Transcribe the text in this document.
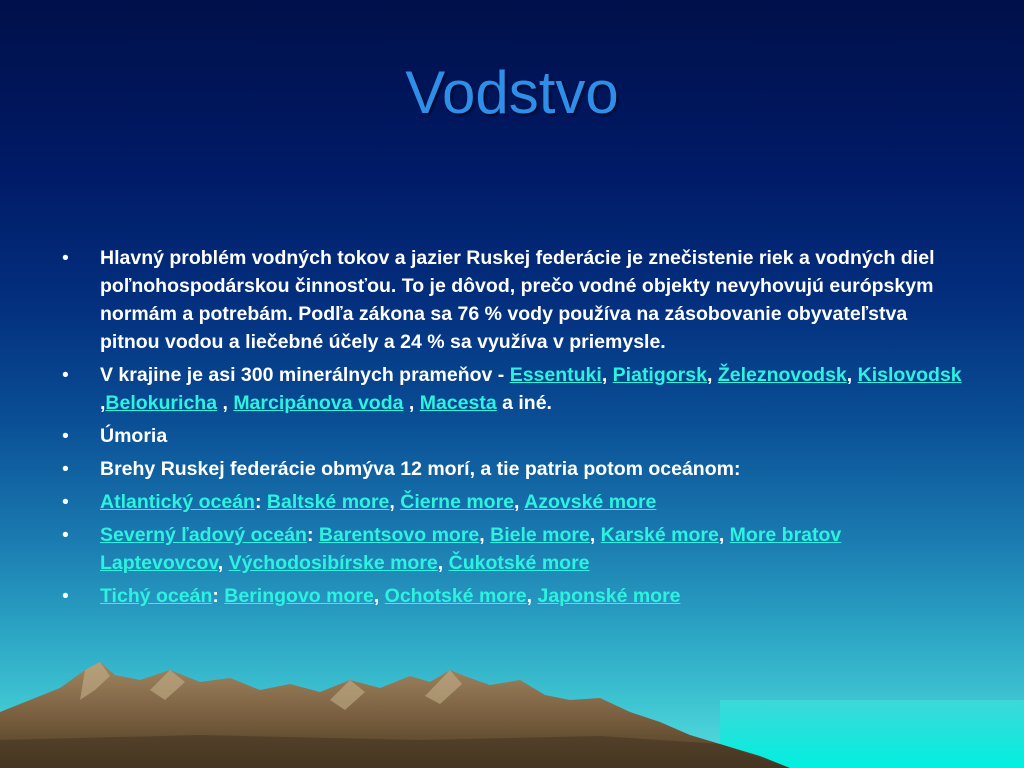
Vodstvo
•	Hlavný problém vodných tokov a jazier Ruskej federácie je znečistenie riek a vodných diel poľnohospodárskou činnosťou. To je dôvod, prečo vodné objekty nevyhovujú európskym normám a potrebám. Podľa zákona sa 76 % vody používa na zásobovanie obyvateľstva pitnou vodou a liečebné účely a 24 % sa využíva v priemysle.
•	V krajine je asi 300 minerálnych prameňov - Essentuki, Piatigorsk, Železnovodsk, Kislovodsk ,Belokuricha , Marcipánova voda , Macesta a iné.
•	Úmoria
•	Brehy Ruskej federácie obmýva 12 morí, a tie patria potom oceánom:
•	Atlantický oceán: Baltské more, Čierne more, Azovské more
•	Severný ľadový oceán: Barentsovo more, Biele more, Karské more, More bratov Laptevovcov, Východosibírske more, Čukotské more
•	Tichý oceán: Beringovo more, Ochotské more, Japonské more
